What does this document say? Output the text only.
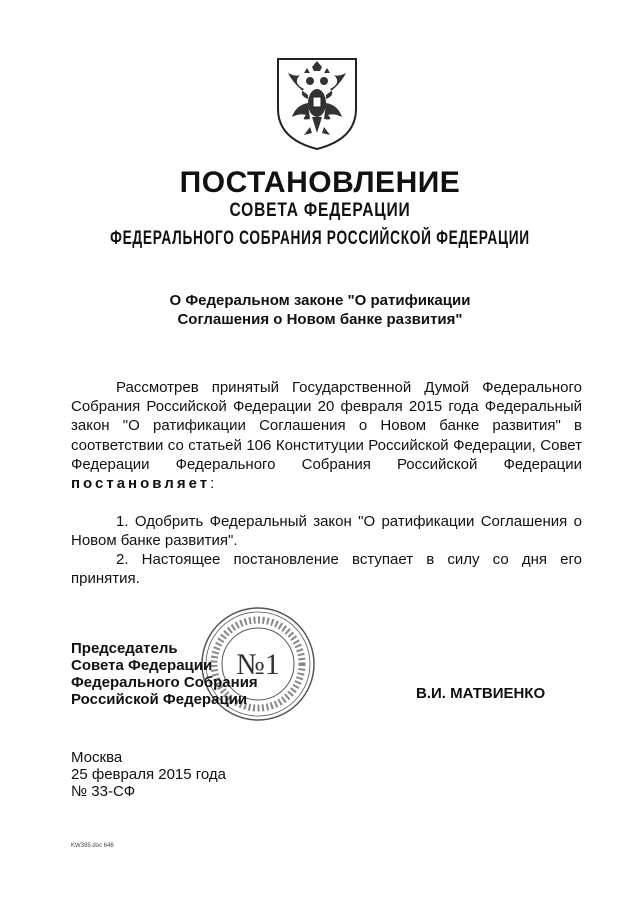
ПОСТАНОВЛЕНИЕ
СОВЕТА ФЕДЕРАЦИИ
ФЕДЕРАЛЬНОГО СОБРАНИЯ РОССИЙСКОЙ ФЕДЕРАЦИИ
О Федеральном законе "О ратификации
Соглашения о Новом банке развития"
Рассмотрев принятый Государственной Думой Федерального Собрания Российской Федерации 20 февраля 2015 года Федеральный закон "О ратификации Соглашения о Новом банке развития" в соответствии со статьей 106 Конституции Российской Федерации, Совет Федерации Федерального Собрания Российской Федерации постановляет:
1. Одобрить Федеральный закон "О ратификации Соглашения о Новом банке развития".
2. Настоящее постановление вступает в силу со дня его принятия.
№1
Председатель
Совета Федерации
Федерального Собрания
Российской Федерации	В.И. МАТВИЕНКО
Москва
25 февраля 2015 года
№ 33-СФ
KW395.doc 646
